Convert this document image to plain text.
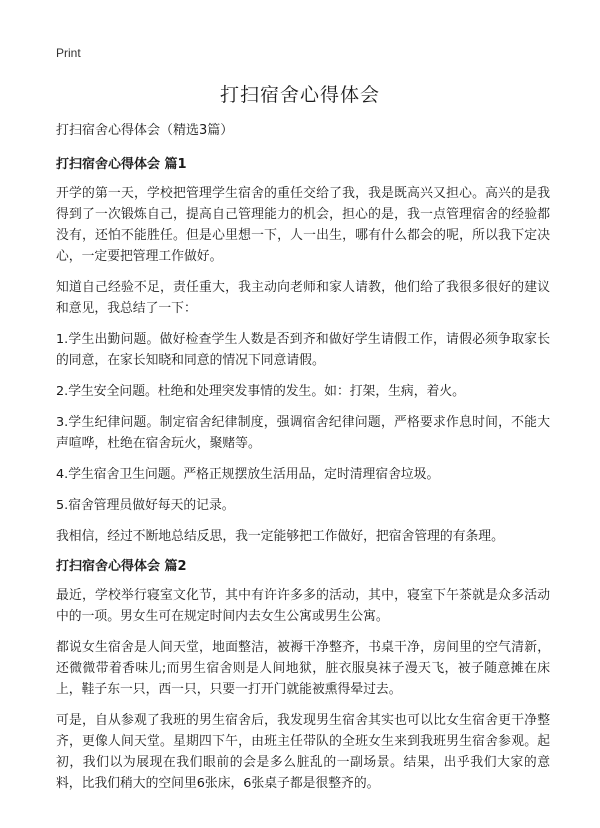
Print
打扫宿舍心得体会

打扫宿舍心得体会（精选3篇）

打扫宿舍心得体会 篇1

开学的第一天，学校把管理学生宿舍的重任交给了我，我是既高兴又担心。高兴的是我得到了一次锻炼自己，提高自己管理能力的机会，担心的是，我一点管理宿舍的经验都没有，还怕不能胜任。但是心里想一下，人一出生，哪有什么都会的呢，所以我下定决心，一定要把管理工作做好。

知道自己经验不足，责任重大，我主动向老师和家人请教，他们给了我很多很好的建议和意见，我总结了一下：

1.学生出勤问题。做好检查学生人数是否到齐和做好学生请假工作，请假必须争取家长的同意，在家长知晓和同意的情况下同意请假。

2.学生安全问题。杜绝和处理突发事情的发生。如：打架，生病，着火。

3.学生纪律问题。制定宿舍纪律制度，强调宿舍纪律问题，严格要求作息时间，不能大声喧哗，杜绝在宿舍玩火，聚赌等。

4.学生宿舍卫生问题。严格正规摆放生活用品，定时清理宿舍垃圾。

5.宿舍管理员做好每天的记录。

我相信，经过不断地总结反思，我一定能够把工作做好，把宿舍管理的有条理。

打扫宿舍心得体会 篇2

最近，学校举行寝室文化节，其中有许许多多的活动，其中，寝室下午茶就是众多活动中的一项。男女生可在规定时间内去女生公寓或男生公寓。

都说女生宿舍是人间天堂，地面整洁，被褥干净整齐，书桌干净，房间里的空气清新，还微微带着香味儿;而男生宿舍则是人间地狱，脏衣服臭袜子漫天飞，被子随意摊在床上，鞋子东一只，西一只，只要一打开门就能被熏得晕过去。

可是，自从参观了我班的男生宿舍后，我发现男生宿舍其实也可以比女生宿舍更干净整齐，更像人间天堂。星期四下午，由班主任带队的全班女生来到我班男生宿舍参观。起初，我们以为展现在我们眼前的会是多么脏乱的一副场景。结果，出乎我们大家的意料，比我们稍大的空间里6张床，6张桌子都是很整齐的。
